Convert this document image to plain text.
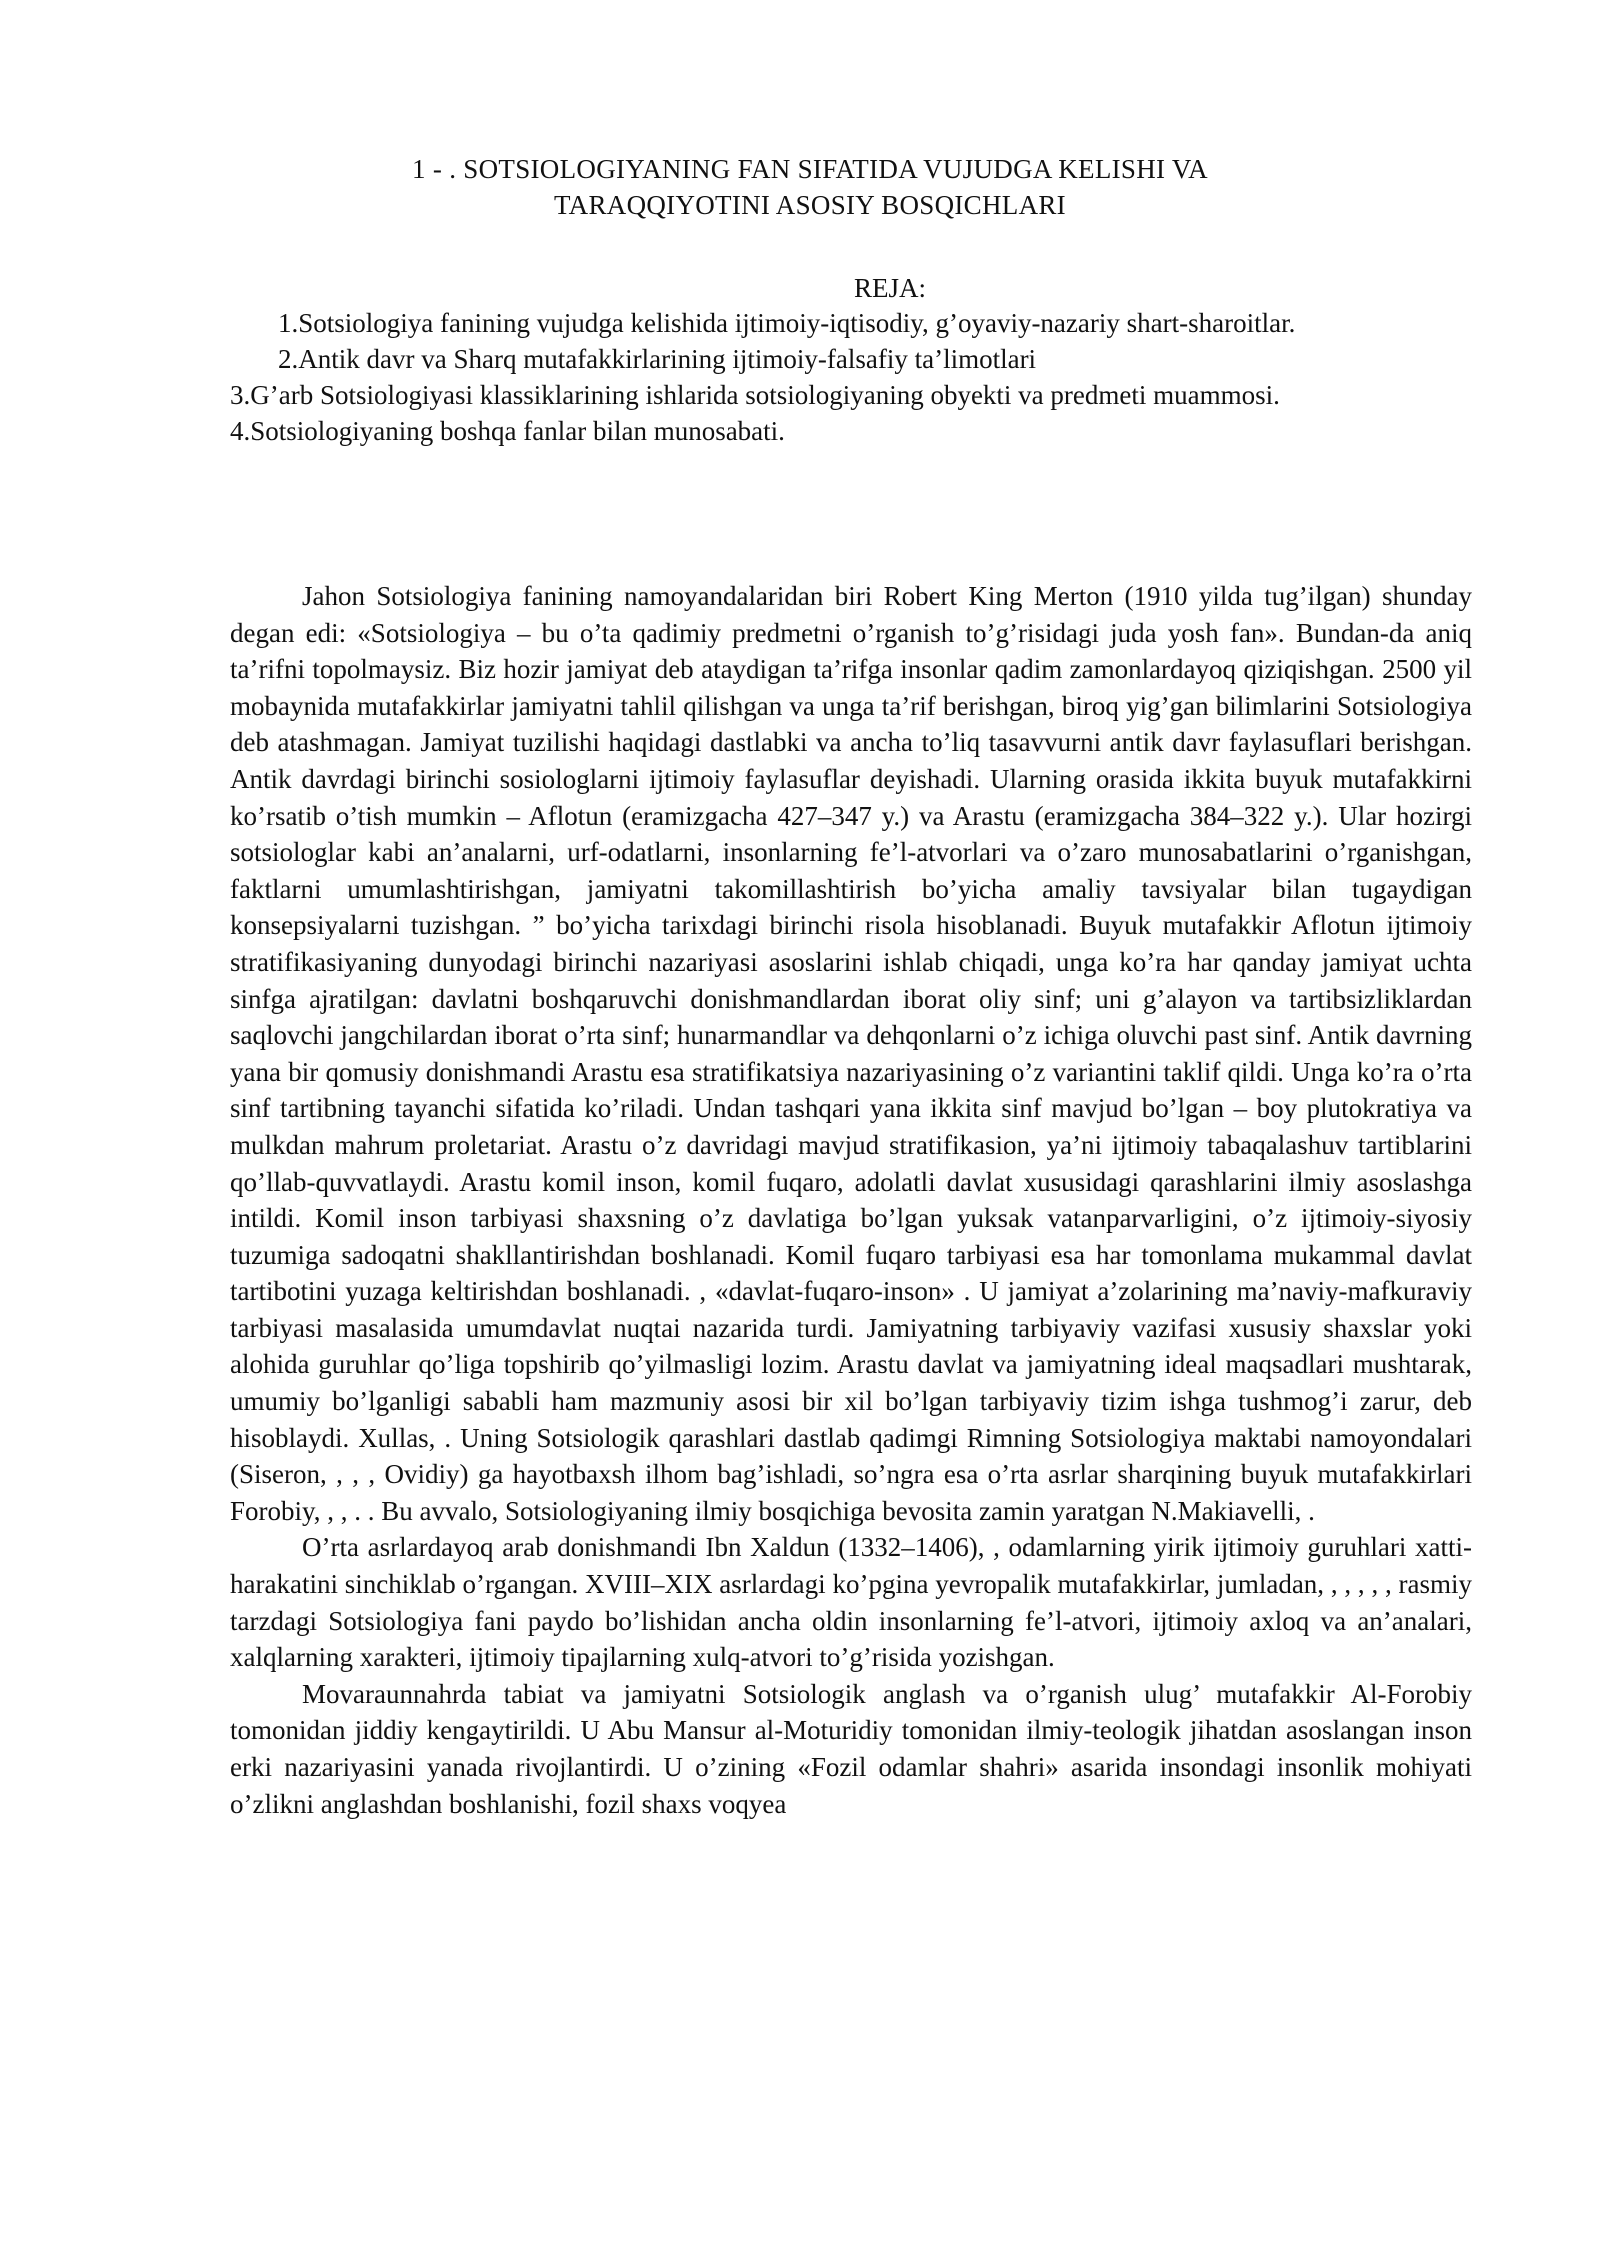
1 - . SOTSIOLOGIYANING FAN SIFATIDA VUJUDGA KELISHI VA
TARAQQIYOTINI ASOSIY BOSQICHLARI
REJA:
1.Sotsiologiya fanining vujudga kelishida ijtimoiy-iqtisodiy, g’oyaviy-nazariy shart-sharoitlar.
2.Antik davr va Sharq mutafakkirlarining ijtimoiy-falsafiy ta’limotlari
3.G’arb Sotsiologiyasi klassiklarining ishlarida sotsiologiyaning obyekti va predmeti muammosi.
4.Sotsiologiyaning boshqa fanlar bilan munosabati.

Jahon Sotsiologiya fanining namoyandalaridan biri Robert King Merton (1910 yilda tug’ilgan) shunday degan edi: «Sotsiologiya – bu o’ta qadimiy predmetni o’rganish to’g’risidagi juda yosh fan». Bundan-da aniq ta’rifni topolmaysiz. Biz hozir jamiyat deb ataydigan ta’rifga insonlar qadim zamonlardayoq qiziqishgan. 2500 yil mobaynida mutafakkirlar jamiyatni tahlil qilishgan va unga ta’rif berishgan, biroq yig’gan bilimlarini Sotsiologiya deb atashmagan. Jamiyat tuzilishi haqidagi dastlabki va ancha to’liq tasavvurni antik davr faylasuflari berishgan. Antik davrdagi birinchi sosiologlarni ijtimoiy faylasuflar deyishadi. Ularning orasida ikkita buyuk mutafakkirni ko’rsatib o’tish mumkin – Aflotun (eramizgacha 427–347 y.) va Arastu (eramizgacha 384–322 y.). Ular hozirgi sotsiologlar kabi an’analarni, urf-odatlarni, insonlarning fe’l-atvorlari va o’zaro munosabatlarini o’rganishgan, faktlarni umumlashtirishgan, jamiyatni takomillashtirish bo’yicha amaliy tavsiyalar bilan tugaydigan konsepsiyalarni tuzishgan. ” bo’yicha tarixdagi birinchi risola hisoblanadi. Buyuk mutafakkir Aflotun ijtimoiy stratifikasiyaning dunyodagi birinchi nazariyasi asoslarini ishlab chiqadi, unga ko’ra har qanday jamiyat uchta sinfga ajratilgan: davlatni boshqaruvchi donishmandlardan iborat oliy sinf; uni g’alayon va tartibsizliklardan saqlovchi jangchilardan iborat o’rta sinf; hunarmandlar va dehqonlarni o’z ichiga oluvchi past sinf. Antik davrning yana bir qomusiy donishmandi Arastu esa stratifikatsiya nazariyasining o’z variantini taklif qildi. Unga ko’ra o’rta sinf tartibning tayanchi sifatida ko’riladi. Undan tashqari yana ikkita sinf mavjud bo’lgan – boy plutokratiya va mulkdan mahrum proletariat. Arastu o’z davridagi mavjud stratifikasion, ya’ni ijtimoiy tabaqalashuv tartiblarini qo’llab-quvvatlaydi. Arastu komil inson, komil fuqaro, adolatli davlat xususidagi qarashlarini ilmiy asoslashga intildi. Komil inson tarbiyasi shaxsning o’z davlatiga bo’lgan yuksak vatanparvarligini, o’z ijtimoiy-siyosiy tuzumiga sadoqatni shakllantirishdan boshlanadi. Komil fuqaro tarbiyasi esa har tomonlama mukammal davlat tartibotini yuzaga keltirishdan boshlanadi. , «davlat-fuqaro-inson» . U jamiyat a’zolarining ma’naviy-mafkuraviy tarbiyasi masalasida umumdavlat nuqtai nazarida turdi. Jamiyatning tarbiyaviy vazifasi xususiy shaxslar yoki alohida guruhlar qo’liga topshirib qo’yilmasligi lozim. Arastu davlat va jamiyatning ideal maqsadlari mushtarak, umumiy bo’lganligi sababli ham mazmuniy asosi bir xil bo’lgan tarbiyaviy tizim ishga tushmog’i zarur, deb hisoblaydi. Xullas, . Uning Sotsiologik qarashlari dastlab qadimgi Rimning Sotsiologiya maktabi namoyondalari (Siseron, , , , Ovidiy) ga hayotbaxsh ilhom bag’ishladi, so’ngra esa o’rta asrlar sharqining buyuk mutafakkirlari Forobiy, , , . . Bu avvalo, Sotsiologiyaning ilmiy bosqichiga bevosita zamin yaratgan N.Makiavelli, .

O’rta asrlardayoq arab donishmandi Ibn Xaldun (1332–1406), , odamlarning yirik ijtimoiy guruhlari xatti-harakatini sinchiklab o’rgangan. XVIII–XIX asrlardagi ko’pgina yevropalik mutafakkirlar, jumladan, , , , , , rasmiy tarzdagi Sotsiologiya fani paydo bo’lishidan ancha oldin insonlarning fe’l-atvori, ijtimoiy axloq va an’analari, xalqlarning xarakteri, ijtimoiy tipajlarning xulq-atvori to’g’risida yozishgan.

Movaraunnahrda tabiat va jamiyatni Sotsiologik anglash va o’rganish ulug’ mutafakkir Al-Forobiy tomonidan jiddiy kengaytirildi. U Abu Mansur al-Moturidiy tomonidan ilmiy-teologik jihatdan asoslangan inson erki nazariyasini yanada rivojlantirdi. U o’zining «Fozil odamlar shahri» asarida insondagi insonlik mohiyati o’zlikni anglashdan boshlanishi, fozil shaxs voqyea
